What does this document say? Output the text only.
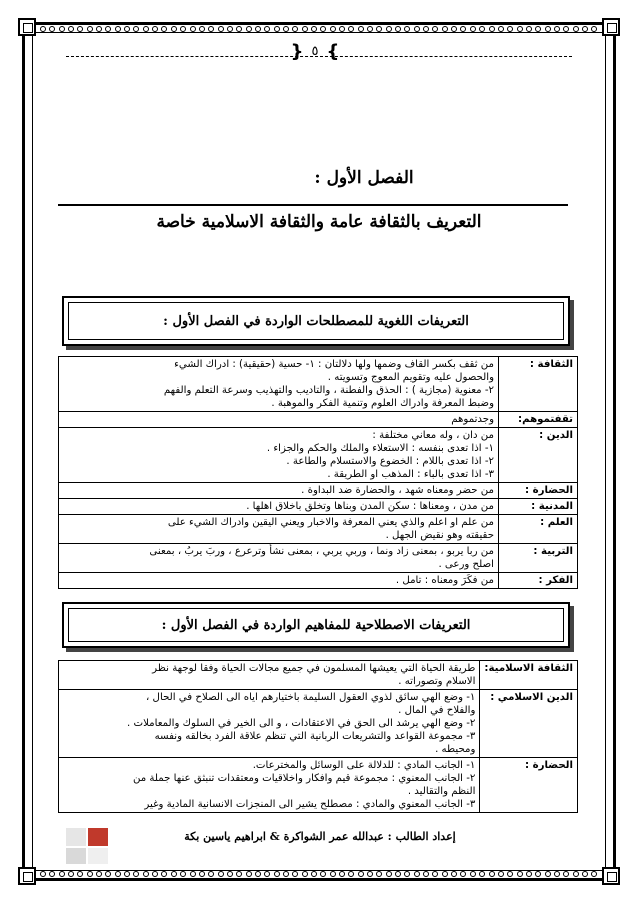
}
٥
{
الفصل الأول :
التعريف بالثقافة عامة والثقافة الاسلامية خاصة
التعريفات اللغوية للمصطلحات الواردة في الفصل الأول :
الثقافة :	من ثقف بكسر القاف وضمها ولها دلالتان : ١- حسية (حقيقية) : ادراك الشيء
والحصول عليه وتقويم المعوج وتسويته .
٢- معنوية (مجازية ) : الحذق والفطنة ، والتاديب والتهذيب وسرعة التعلم والفهم
وضبط المعرفة وادراك العلوم وتنمية الفكر والموهبة .

تقفتموهم:	وجدتموهم

الدين :	من دان ، وله معاني مختلفة :
١- اذا تعدى بنفسه : الاستعلاء والملك والحكم والجزاء .
٢- اذا تعدى باللام : الخضوع والاستسلام والطاعة .
٣- اذا تعدى بالباء : المذهب او الطريقة .

الحضارة :	من حضر ومعناه شهد ، والحضارة ضد البداوة .

المدنية :	من مدن ، ومعناها : سكن المدن وبناها وتخلق باخلاق اهلها .

العلم :	من علم او اعلم والذي يعني المعرفة والاخبار ويعني اليقين وادراك الشيء على
حقيقته وهو نقيض الجهل .

التربية :	من ربا يربو ، بمعنى زاد ونما ، وربي يربي ، بمعنى نشأ وترعرع ، وربَ يربُ ، بمعنى
اصلح ورعى .

الفكر :	من فكَرَ ومعناه : تامل .
التعريفات الاصطلاحية للمفاهيم الواردة في الفصل الأول :
الثقافة الاسلامية:	طريقة الحياة التي يعيشها المسلمون في جميع مجالات الحياة وفقا لوجهة نظر
الاسلام وتصوراته .

الدين الاسلامي :	١- وضع الهي سائق لذوي العقول السليمة باختيارهم اياه الى الصلاح في الحال ،
والفلاح في المال .
٢- وضع الهي يرشد الى الحق في الاعتقادات ، و الى الخير في السلوك والمعاملات .
٣- مجموعة القواعد والتشريعات الربانية التي تنظم علاقة الفرد بخالقه ونفسه
ومحيطه .

الحضارة :	١- الجانب المادي : للدلالة على الوسائل والمخترعات.
٢- الجانب المعنوي : مجموعة قيم وافكار واخلاقيات ومعتقدات تنبثق عنها جملة من
النظم والتقاليد .
٣- الجانب المعنوي والمادي : مصطلح يشير الى المنجزات الانسانية المادية وغير
إعداد الطالب : عبدالله عمر الشواكرة & ابراهيم ياسين بكة
